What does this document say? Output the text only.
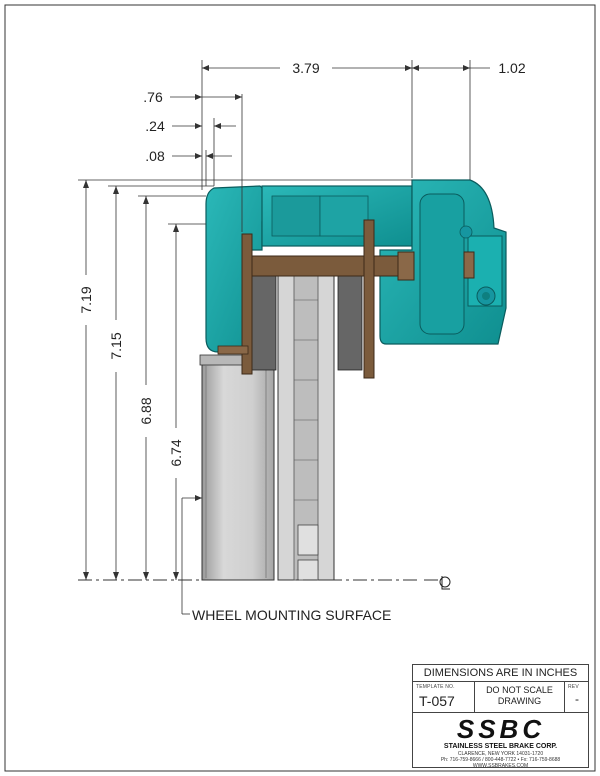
3.79	1.02
.76
.24
.08
7.19
7.15
6.88
6.74
WHEEL MOUNTING SURFACE
DIMENSIONS ARE IN INCHES
TEMPLATE NO.
T-057
DO NOT SCALE
DRAWING
REV
-
SSBC
STAINLESS STEEL BRAKE CORP.
CLARENCE, NEW YORK 14031-1720
Ph: 716-759-8666 / 800-448-7722 • Fx: 716-759-8688
WWW.SSBRAKES.COM
